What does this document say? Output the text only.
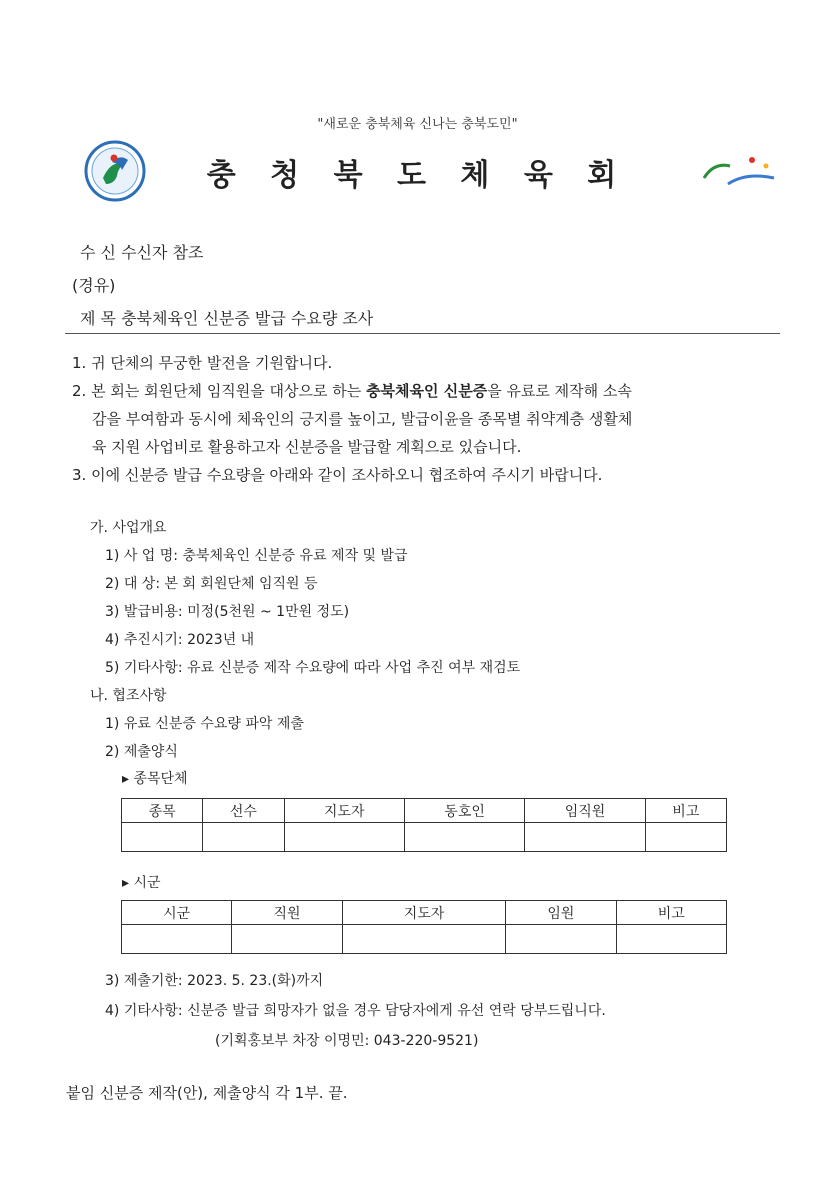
"새로운 충북체육 신나는 충북도민"
충 청 북 도 체 육 회
수 신 수신자 참조
(경유)
제 목 충북체육인 신분증 발급 수요량 조사
1. 귀 단체의 무궁한 발전을 기원합니다.
2. 본 회는 회원단체 임직원을 대상으로 하는 충북체육인 신분증을 유료로 제작해 소속
감을 부여함과 동시에 체육인의 긍지를 높이고, 발급이윤을 종목별 취약계층 생활체
육 지원 사업비로 활용하고자 신분증을 발급할 계획으로 있습니다.
3. 이에 신분증 발급 수요량을 아래와 같이 조사하오니 협조하여 주시기 바랍니다.
가. 사업개요
1) 사 업 명: 충북체육인 신분증 유료 제작 및 발급
2) 대 상: 본 회 회원단체 임직원 등
3) 발급비용: 미정(5천원 ~ 1만원 정도)
4) 추진시기: 2023년 내
5) 기타사항: 유료 신분증 제작 수요량에 따라 사업 추진 여부 재검토
나. 협조사항
1) 유료 신분증 수요량 파악 제출
2) 제출양식
▸ 종목단체
종목	선수	지도자	동호인	임직원	비고

▸ 시군
시군	직원	지도자	임원	비고

3) 제출기한: 2023. 5. 23.(화)까지
4) 기타사항: 신분증 발급 희망자가 없을 경우 담당자에게 유선 연락 당부드립니다.
(기획홍보부 차장 이명민: 043-220-9521)
붙임 신분증 제작(안), 제출양식 각 1부. 끝.
